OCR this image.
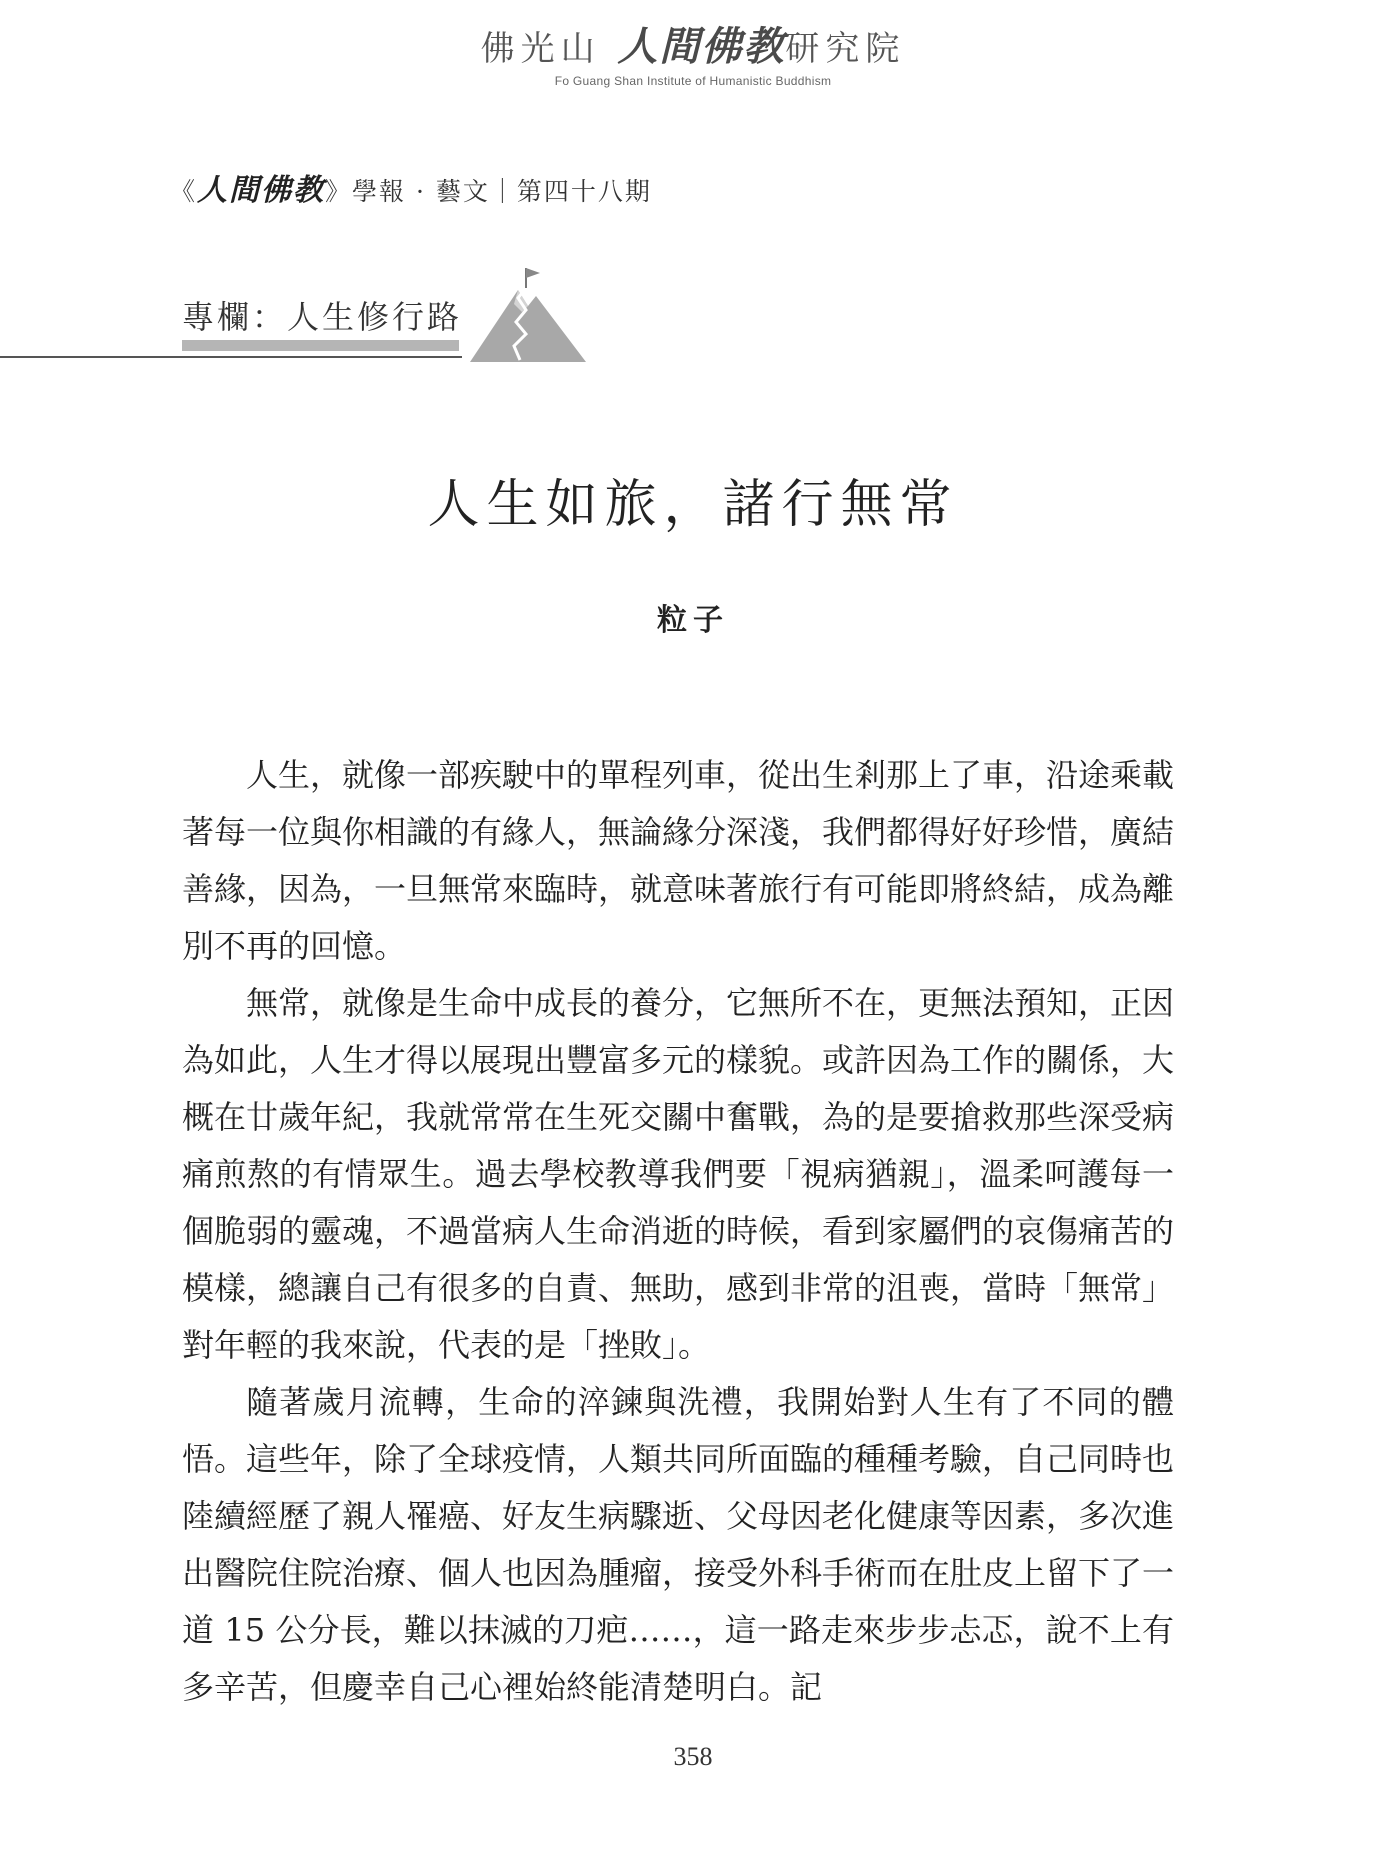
佛光山 人間佛教研究院
Fo Guang Shan Institute of Humanistic Buddhism
《人間佛教》學報 · 藝文｜第四十八期
專欄：人生修行路
人生如旅，諸行無常
粒子

人生，就像一部疾駛中的單程列車，從出生剎那上了車，沿途乘載著每一位與你相識的有緣人，無論緣分深淺，我們都得好好珍惜，廣結善緣，因為，一旦無常來臨時，就意味著旅行有可能即將終結，成為離別不再的回憶。

無常，就像是生命中成長的養分，它無所不在，更無法預知，正因為如此，人生才得以展現出豐富多元的樣貌。或許因為工作的關係，大概在廿歲年紀，我就常常在生死交關中奮戰，為的是要搶救那些深受病痛煎熬的有情眾生。過去學校教導我們要「視病猶親」，溫柔呵護每一個脆弱的靈魂，不過當病人生命消逝的時候，看到家屬們的哀傷痛苦的模樣，總讓自己有很多的自責、無助，感到非常的沮喪，當時「無常」對年輕的我來說，代表的是「挫敗」。

隨著歲月流轉，生命的淬鍊與洗禮，我開始對人生有了不同的體悟。這些年，除了全球疫情，人類共同所面臨的種種考驗，自己同時也陸續經歷了親人罹癌、好友生病驟逝、父母因老化健康等因素，多次進出醫院住院治療、個人也因為腫瘤，接受外科手術而在肚皮上留下了一道 15 公分長，難以抹滅的刀疤……，這一路走來步步忐忑，說不上有多辛苦，但慶幸自己心裡始終能清楚明白。記

358
